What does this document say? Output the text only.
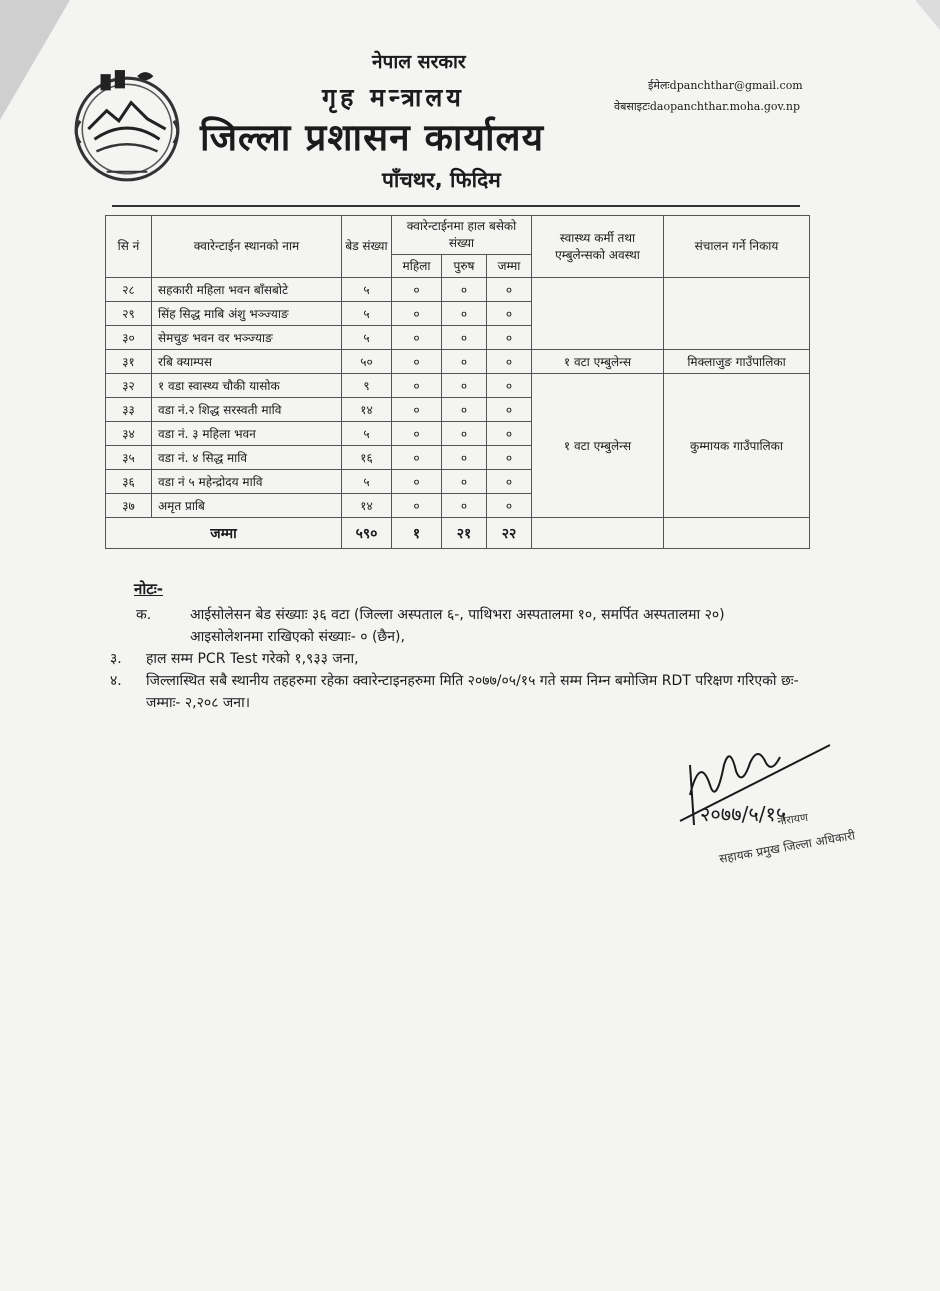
नेपाल सरकार
गृह मन्त्रालय
जिल्ला प्रशासन कार्यालय
पाँचथर, फिदिम
ईमेलःdpanchthar@gmail.com
वेबसाइटःdaopanchthar.moha.gov.np
सि नं	क्वारेन्टाईन स्थानको नाम	बेड संख्या	क्वारेन्टाईनमा हाल बसेको संख्या			स्वास्थ्य कर्मी तथा एम्बुलेन्सको अवस्था	संचालन गर्ने निकाय
			महिला	पुरुष	जम्मा		
२८	सहकारी महिला भवन बाँसबोटे	५	०	०	०		
२९	सिंह सिद्ध माबि अंशु भञ्ज्याङ	५	०	०	०		
३०	सेमचुङ भवन वर भञ्ज्याङ	५	०	०	०		
३१	रबि क्याम्पस	५०	०	०	०	१ वटा एम्बुलेन्स	मिक्लाजुङ गाउँपालिका
३२	१ वडा स्वास्थ्य चौकी यासोक	९	०	०	०	१ वटा एम्बुलेन्स	कुम्मायक गाउँपालिका
३३	वडा नं.२ शिद्ध सरस्वती मावि	१४	०	०	०		
३४	वडा नं. ३ महिला भवन	५	०	०	०		
३५	वडा नं. ४ सिद्ध मावि	१६	०	०	०		
३६	वडा नं ५ महेन्द्रोदय मावि	५	०	०	०		
३७	अमृत प्राबि	१४	०	०	०		
जम्मा		५९०	१	२१	२२		
नोटः-
क.	आईसोलेसन बेड संख्याः ३६ वटा (जिल्ला अस्पताल ६-, पाथिभरा अस्पतालमा १०, समर्पित अस्पतालमा २०)
आइसोलेशनमा राखिएको संख्याः- ० (छैन),
३.	हाल सम्म PCR Test गरेको १,९३३ जना,
४.	जिल्लास्थित सबै स्थानीय तहहरुमा रहेका क्वारेन्टाइनहरुमा मिति २०७७/०५/१५ गते सम्म निम्न बमोजिम RDT परिक्षण गरिएको छः- जम्माः- २,२०८ जना।
२०७७/५/१५
नारायण
सहायक प्रमुख जिल्ला अधिकारी
